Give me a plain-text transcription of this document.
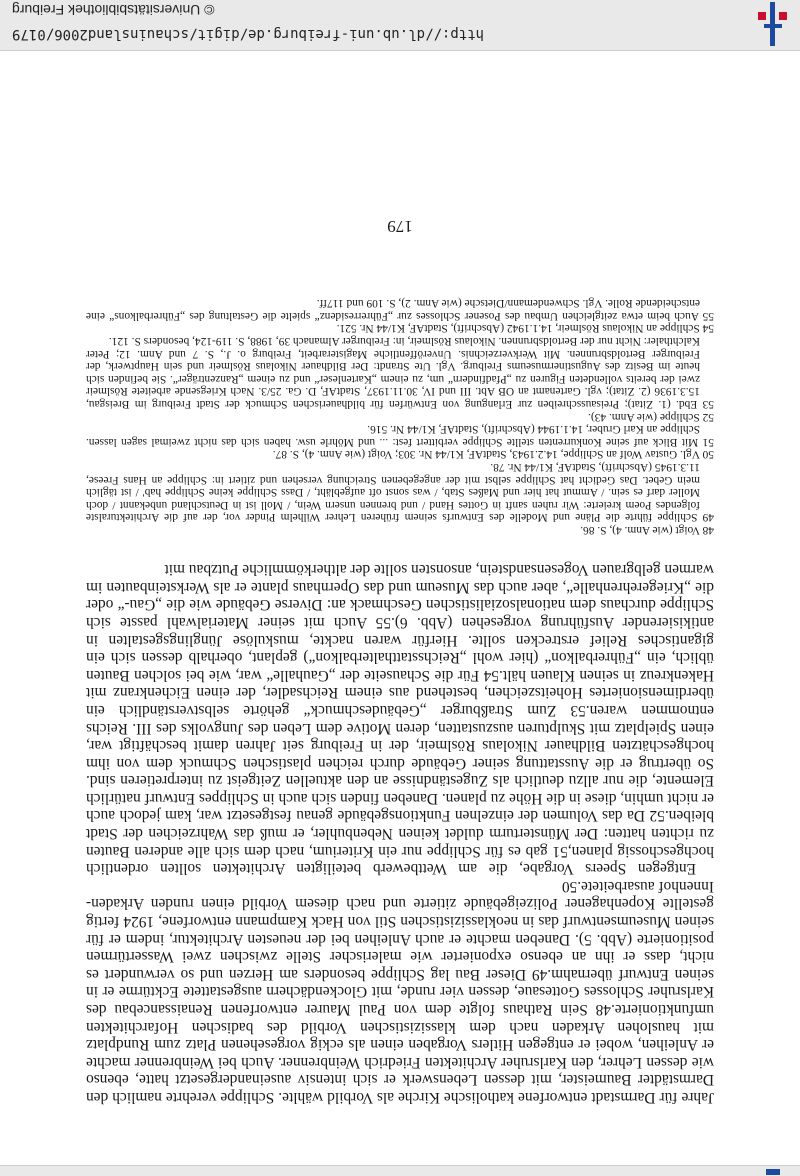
© Universitätsbibliothek Freiburg
http://dl.ub.uni-freiburg.de/digit/schauinsland2006/0179

Jahre für Darmstadt entworfene katholische Kirche als Vorbild wählte. Schlippe verehrte namlich den Darmstädter Baumeister, mit dessen Lebenswerk er sich intensiv auseinandergesetzt hatte, ebenso wie dessen Lehrer, den Karlsruher Architekten Friedrich Weinbrenner. Auch bei Weinbrenner machte er Anleihen, wobei er entgegen Hitlers Vorgaben einen als eckig vorgesehenen Platz zum Rundplatz mit hauslohen Arkaden nach dem klassizistischen Vorbild des badischen Hofarchitekten umfunktionierte.48 Sein Rathaus folgte dem von Paul Maurer entworfenen Renaissancebau des Karlsruher Schlosses Gottesaue, dessen vier runde, mit Glockendächern ausgestattete Ecktürme er in seinen Entwurf übernahm.49 Dieser Bau lag Schlippe besonders am Herzen und so verwundert es nicht, dass er ihn an ebenso exponierter wie malerischer Stelle zwischen zwei Wassertürmen positionierte (Abb. 5). Daneben machte er auch Anleihen bei der neuesten Architektur, indem er für seinen Museumsentwurf das in neoklassizistischen Stil von Hack Kampmann entworfene, 1924 fertig gestellte Kopenhagener Polizeigebäude zitierte und nach diesem Vorbild einen runden Arkaden-Innenhof ausarbeitete.50

Entgegen Speers Vorgabe, die am Wettbewerb beteiligten Architekten sollten ordentlich hochgeschossig planen,51 gab es für Schlippe nur ein Kriterium, nach dem sich alle anderen Bauten zu richten hatten: Der Münsterturm duldet keinen Nebenbuhler, er muß das Wahrzeichen der Stadt bleiben.52 Da das Volumen der einzelnen Funktionsgebäude genau festgesetzt war, kam jedoch auch er nicht umhin, diese in die Höhe zu planen. Daneben finden sich auch in Schlippes Entwurf natürlich Elemente, die nur allzu deutlich als Zugeständnisse an den aktuellen Zeitgeist zu interpretieren sind. So übertrug er die Ausstattung seiner Gebäude durch reichen plastischen Schmuck dem von ihm hochgeschätzten Bildhauer Nikolaus Röslmeir, der in Freiburg seit Jahren damit beschäftigt war, einen Spielplatz mit Skulpturen auszustatten, deren Motive dem Leben des Jungvolks des III. Reichs entnommen waren.53 Zum Straßburger „Gebäudeschmuck“ gehörte selbstverständlich ein überdimensioniertes Hoheitszeichen, bestehend aus einem Reichsadler, der einen Eichenkranz mit Hakenkreuz in seinen Klauen hält.54 Für die Schauseite der „Gauhalle“ war, wie bei solchen Bauten üblich, ein „Führerbalkon“ (hier wohl „Reichsstatthalterbalkon“) geplant, oberhalb dessen sich ein gigantisches Relief erstrecken sollte. Hierfür waren nackte, muskulöse Jünglingsgestalten in antikisierender Ausführung vorgesehen (Abb. 6).55 Auch mit seiner Materialwahl passte sich Schlippe durchaus dem nationalsozialistischen Geschmack an: Diverse Gebäude wie die „Gau-“ oder die „Kriegerehrenhalle“, aber auch das Museum und das Opernhaus plante er als Werksteinbauten im warmen gelbgrauen Vogesensandstein, ansonsten sollte der altherkömmliche Putzbau mit

48 Voigt (wie Anm. 4), S. 86.

49 Schlippe führte die Pläne und Modelle des Entwurfs seinem früheren Lehrer Wilhelm Pinder vor, der auf die Architekturalste folgendes Poem kreierte: Wir ruhen sanft in Gottes Hand / und brennen unsern Wein, / Moll ist in Deutschland unbekannt / doch Moller darf es sein. / Ammut hat hier und Maßes Stab, / was sonst oft aufgebläht, / Dass Schlippe keine Schlippe hab' / ist täglich mein Gebet. Das Gedicht hat Schlippe selbst mit der angegebenen Streichung versehen und zitiert in: Schlippe an Hans Freese, 11.3.1945 (Abschrift), StadtAF, K1/44 Nr. 78.

50 Vgl. Gustav Wolf an Schlippe, 14.2.1943, StadtAF, K1/44 Nr. 303; Voigt (wie Anm. 4), S. 87.

51 Mit Blick auf seine Konkurrenten stellte Schlippe verbittert fest: ... und Möhrle usw. haben sich das nicht zweimal sagen lassen. Schlippe an Karl Gruber, 14.1.1944 (Abschrift), StadtAF, K1/44 Nr. 516.

52 Schlippe (wie Anm. 43).

53 Ebd. (1. Zitat); Preisausschreiben zur Erlangung von Entwürfen für bildhauerischen Schmuck der Stadt Freiburg im Breisgau, 15.3.1936 (2. Zitat); vgl. Gartenamt an OB Abt. III und IV, 30.11.1937, StadtAF, D. Ga. 25/3. Nach Kriegsende arbeitete Röslmeir zwei der bereits vollendeten Figuren zu „Pfadfindern“ um, zu einem „Kartenleser“ und zu einem „Ranzenträger“. Sie befinden sich heute im Besitz des Augustinermuseums Freiburg. Vgl. Ute Strandt: Der Bildhauer Nikolaus Röslmeir und sein Hauptwerk, der Freiburger Bertoldsbrunnen. Mit Werkverzeichnis. Unveröffentliche Magisterarbeit, Freiburg o. J., S. 7 und Anm. 12; Peter Kalchthaler: Nicht nur der Bertoldsbrunnen. Nikolaus Röslmeir, in: Freiburger Almanach 39, 1988, S. 119-124, besonders S. 121.

54 Schlippe an Nikolaus Röslmeir, 14.1.1942 (Abschrift), StadtAF, K1/44 Nr. 521.

55 Auch beim etwa zeitgleichen Umbau des Posener Schlosses zur „Führerresidenz“ spielte die Gestaltung des „Führerbalkons“ eine entscheidende Rolle. Vgl. Schwendemann/Dietsche (wie Anm. 2), S. 109 und 117ff.

179
